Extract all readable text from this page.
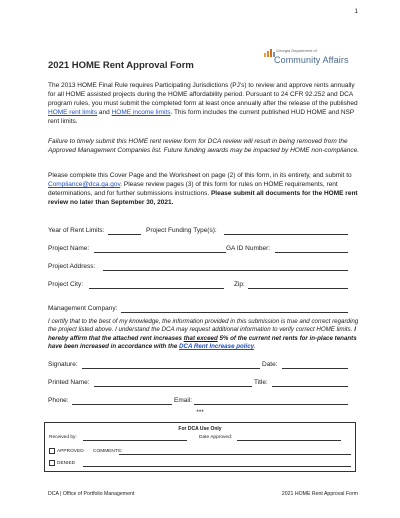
1
Georgia Department of
Community Affairs
2021 HOME Rent Approval Form

The 2013 HOME Final Rule requires Participating Jurisdictions (PJ’s) to review and approve rents annually for all HOME assisted projects during the HOME affordability period. Pursuant to 24 CFR 92.252 and DCA program rules, you must submit the completed form at least once annually after the release of the published HOME rent limits and HOME income limits. This form includes the current published HUD HOME and NSP rent limits.

Failure to timely submit this HOME rent review form for DCA review will result in being removed from the Approved Management Companies list. Future funding awards may be impacted by HOME non-compliance.

Please complete this Cover Page and the Worksheet on page (2) of this form, in its entirety, and submit to Compliance@dca.ga.gov. Please review pages (3) of this form for rules on HOME requirements, rent determinations, and for further submissions instructions. Please submit all documents for the HOME rent review no later than September 30, 2021.

Year of Rent Limits:	Project Funding Type(s):
Project Name:	GA ID Number:
Project Address:
Project City:	Zip:
Management Company:

I certify that to the best of my knowledge, the information provided in this submission is true and correct regarding the project listed above. I understand the DCA may request additional information to verify correct HOME limits. I hereby affirm that the attached rent increases that exceed 5% of the current net rents for in-place tenants have been increased in accordance with the DCA Rent Increase policy.

Signature:	Date:
Printed Name:	Title:
Phone:	Email:
***
For DCA Use Only
Received by:	Date Approved:
APPROVED COMMENTS:
DENIED
DCA | Office of Portfolio Management	2021 HOME Rent Approval Form
